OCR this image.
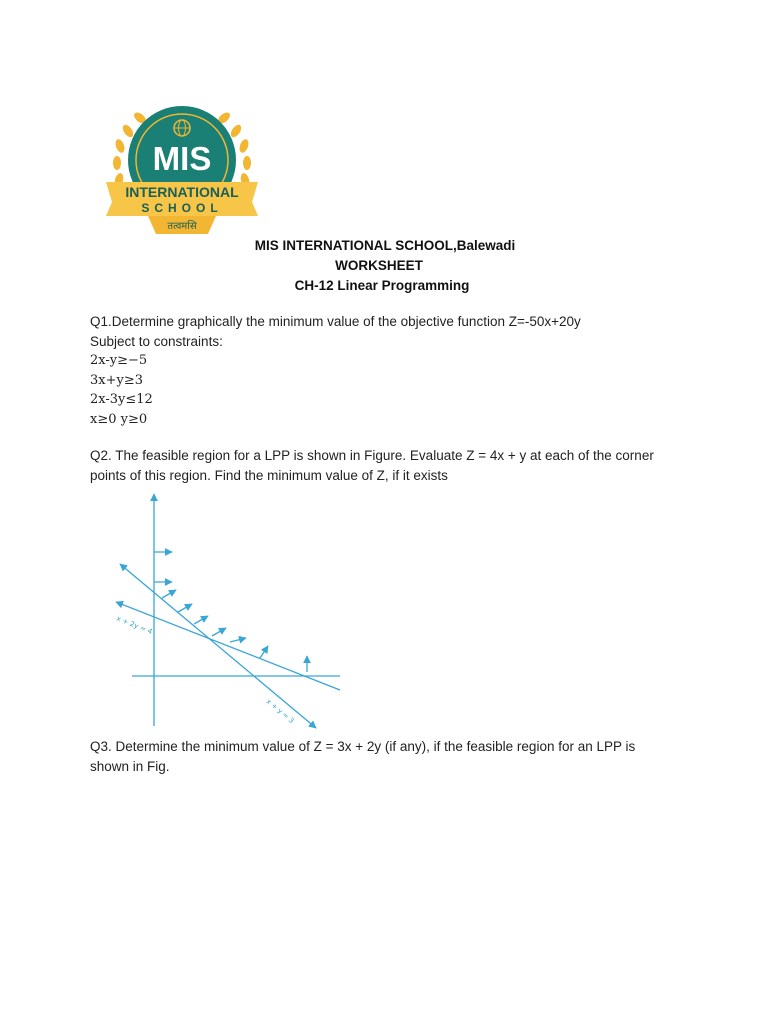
MIS
INTERNATIONAL
SCHOOL
तत्वमसि
MIS INTERNATIONAL SCHOOL,Balewadi
WORKSHEET
CH-12 Linear Programming
Q1.Determine graphically the minimum value of the objective function Z=-50x+20y
Subject to constraints:
2x-y≥−5
3x+y≥3
2x-3y≤12
x≥0 y≥0
Q2. The feasible region for a LPP is shown in Figure. Evaluate Z = 4x + y at each of the corner
points of this region. Find the minimum value of Z, if it exists
x + 2y = 4
x + y = 3
Q3. Determine the minimum value of Z = 3x + 2y (if any), if the feasible region for an LPP is
shown in Fig.
